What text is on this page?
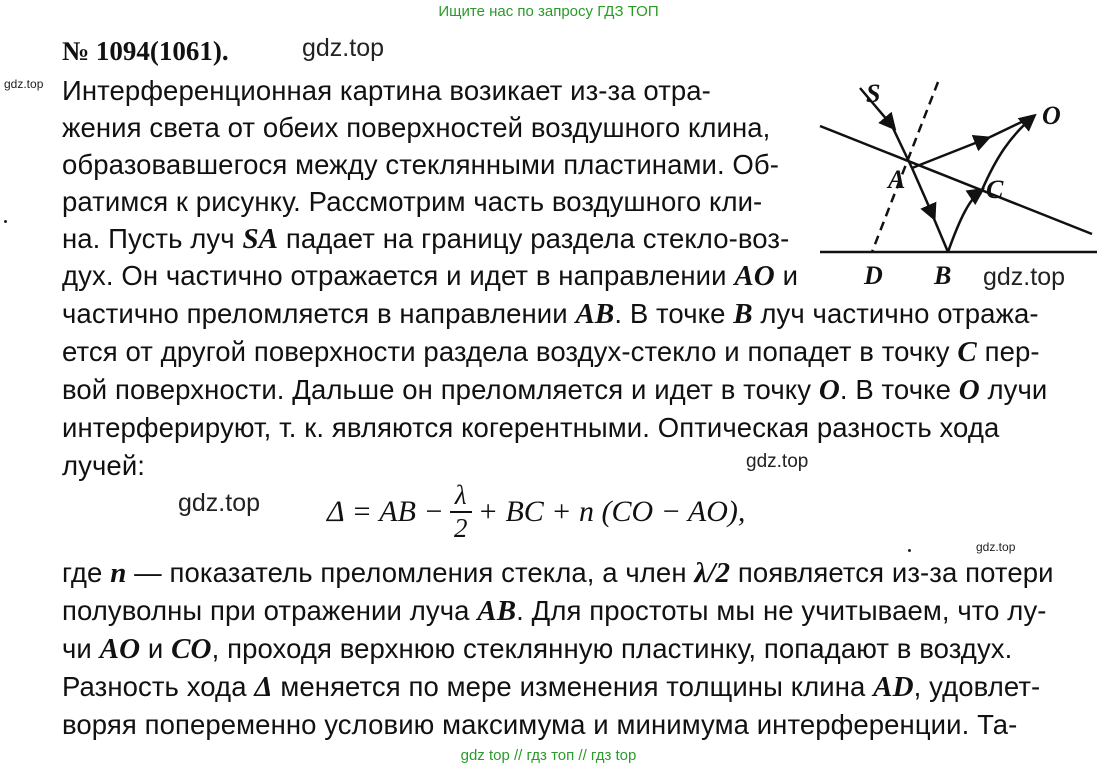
Ищите нас по запросу ГДЗ ТОП
№ 1094(1061).	gdz.top
gdz.top
gdz.top
gdz.top
gdz.top
gdz.top
Интерференционная картина возикает из-за отра-
жения света от обеих поверхностей воздушного клина,
образовавшегося между стеклянными пластинами. Об-
ратимся к рисунку. Рассмотрим часть воздушного кли-
на. Пусть луч SA падает на границу раздела стекло-воз-
дух. Он частично отражается и идет в направлении AO и
частично преломляется в направлении AB. В точке B луч частично отража-
ется от другой поверхности раздела воздух-стекло и попадет в точку C пер-
вой поверхности. Дальше он преломляется и идет в точку O. В точке O лучи
интерферируют, т. к. являются когерентными. Оптическая разность хода
лучей:
Δ = AB − $\frac{\lambda}{2}$ + BC + n (CO − AO),
где n — показатель преломления стекла, а член λ/2 появляется из-за потери
полуволны при отражении луча AB. Для простоты мы не учитываем, что лу-
чи AO и CO, проходя верхнюю стеклянную пластинку, попадают в воздух.
Разность хода Δ меняется по мере изменения толщины клина AD, удовлет-
воряя попеременно условию максимума и минимума интерференции. Та-
S
O
A	C
D B
gdz top // гдз топ // гдз top
